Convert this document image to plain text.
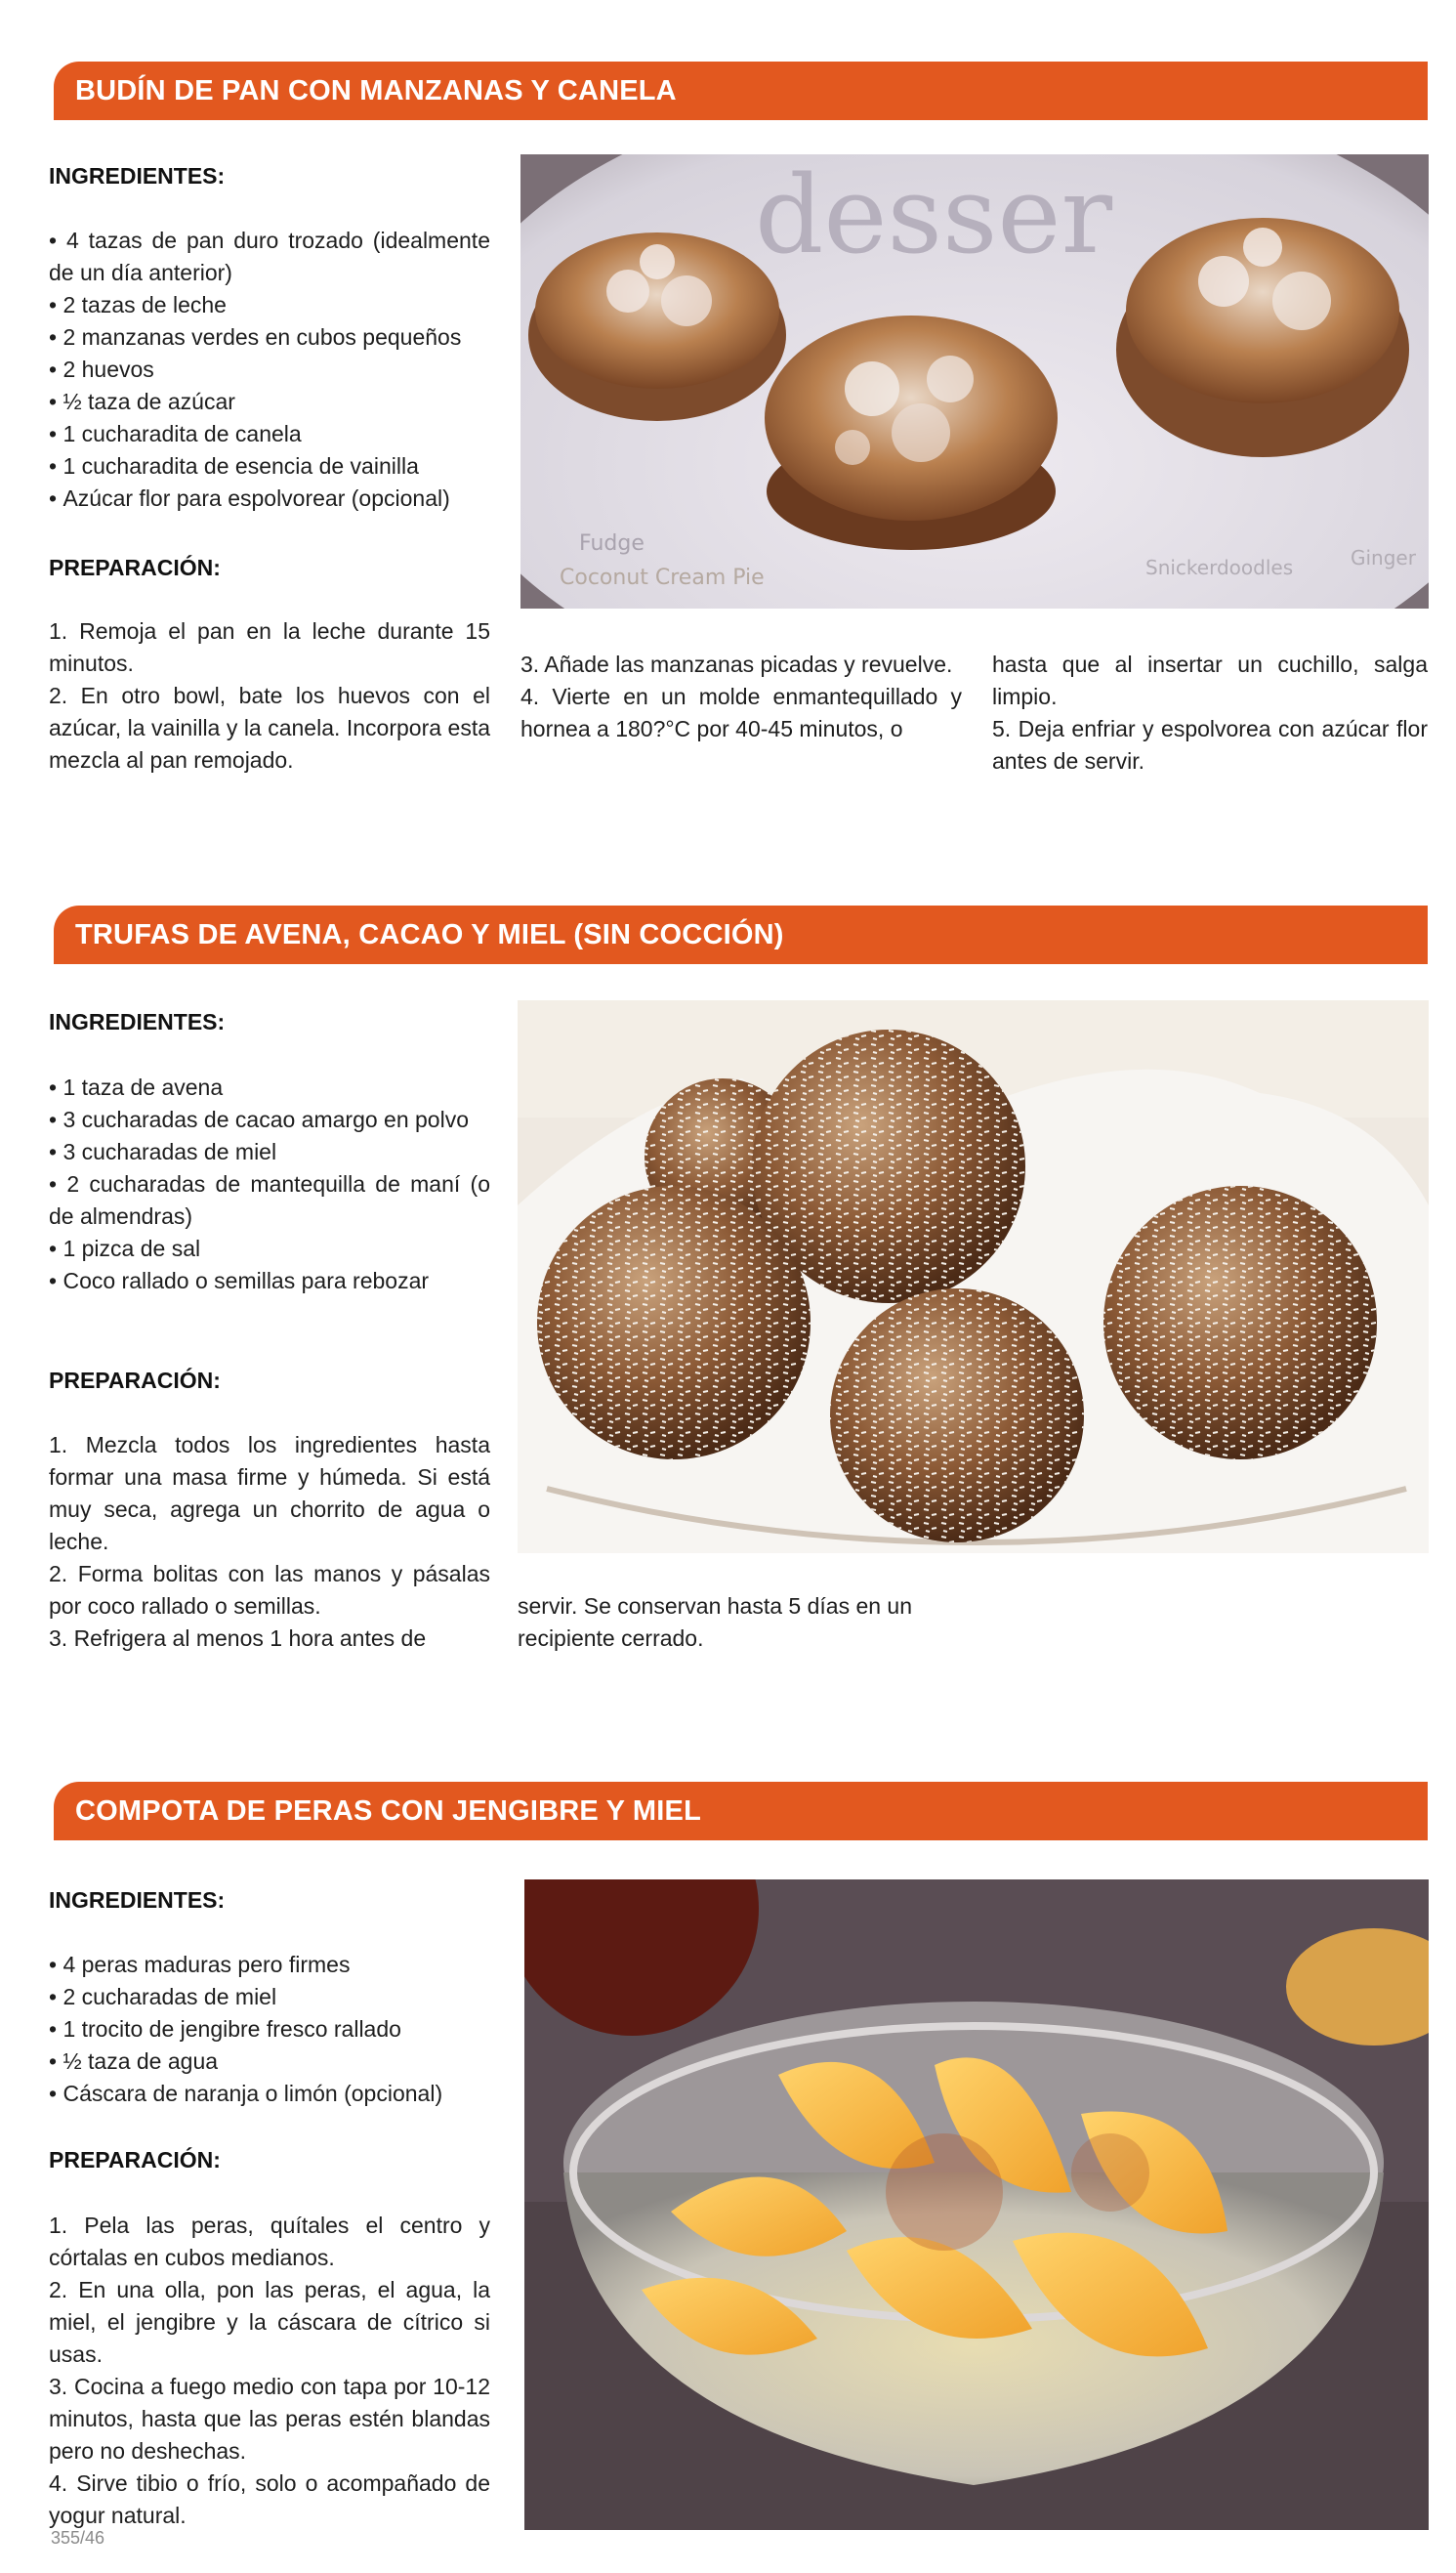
BUDÍN DE PAN CON MANZANAS Y CANELA
INGREDIENTES:
• 4 tazas de pan duro trozado (idealmente de un día anterior)
• 2 tazas de leche
• 2 manzanas verdes en cubos pequeños
• 2 huevos
• ½ taza de azúcar
• 1 cucharadita de canela
• 1 cucharadita de esencia de vainilla
• Azúcar flor para espolvorear (opcional)
PREPARACIÓN:

1. Remoja el pan en la leche durante 15 minutos.

2. En otro bowl, bate los huevos con el azúcar, la vainilla y la canela. Incorpora esta mezcla al pan remojado.

3. Añade las manzanas picadas y revuelve.

4. Vierte en un molde enmantequillado y hornea a 180?°C por 40-45 minutos, o

hasta que al insertar un cuchillo, salga limpio.

5. Deja enfriar y espolvorea con azúcar flor antes de servir.

desser
Fudge
Coconut Cream Pie	Snickerdoodles	Ginger
TRUFAS DE AVENA, CACAO Y MIEL (SIN COCCIÓN)
INGREDIENTES:
• 1 taza de avena
• 3 cucharadas de cacao amargo en polvo
• 3 cucharadas de miel
• 2 cucharadas de mantequilla de maní (o de almendras)
• 1 pizca de sal
• Coco rallado o semillas para rebozar
PREPARACIÓN:

1. Mezcla todos los ingredientes hasta formar una masa firme y húmeda. Si está muy seca, agrega un chorrito de agua o leche.

2. Forma bolitas con las manos y pásalas por coco rallado o semillas.

3. Refrigera al menos 1 hora antes de

servir. Se conservan hasta 5 días en un recipiente cerrado.

COMPOTA DE PERAS CON JENGIBRE Y MIEL
INGREDIENTES:
• 4 peras maduras pero firmes
• 2 cucharadas de miel
• 1 trocito de jengibre fresco rallado
• ½ taza de agua
• Cáscara de naranja o limón (opcional)
PREPARACIÓN:

1. Pela las peras, quítales el centro y córtalas en cubos medianos.

2. En una olla, pon las peras, el agua, la miel, el jengibre y la cáscara de cítrico si usas.

3. Cocina a fuego medio con tapa por 10-12 minutos, hasta que las peras estén blandas pero no deshechas.

4. Sirve tibio o frío, solo o acompañado de yogur natural.

355/46
